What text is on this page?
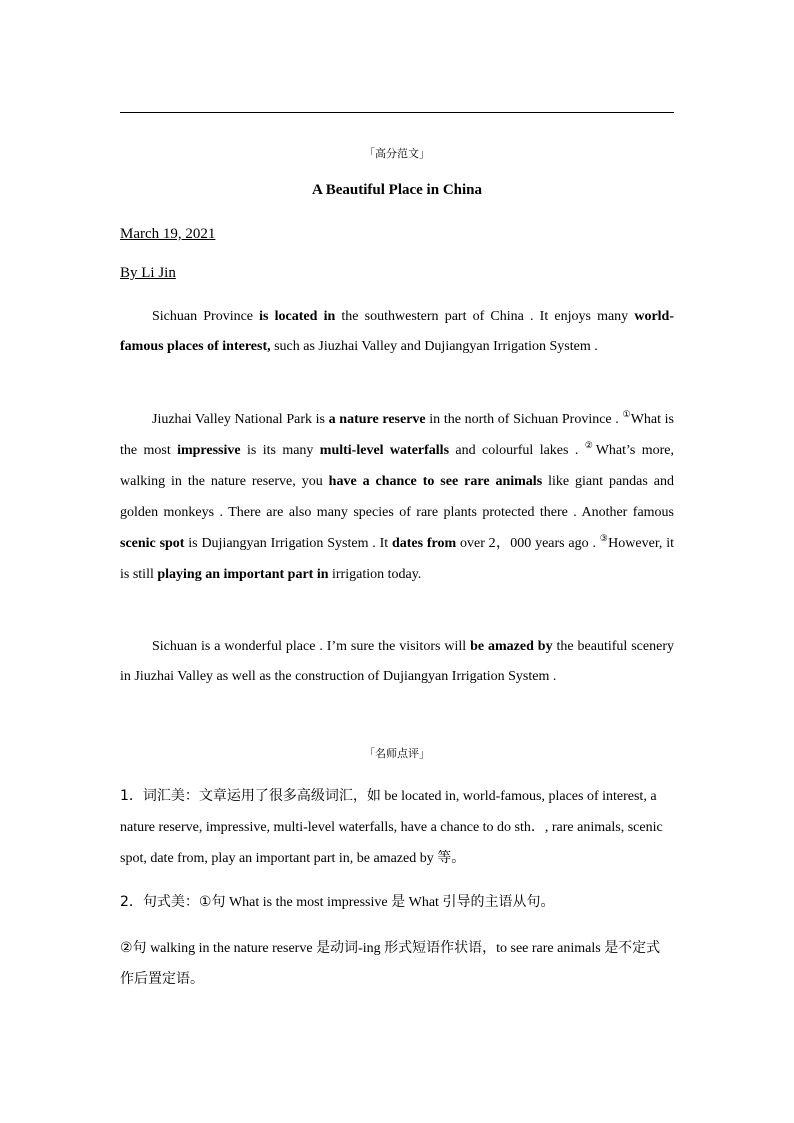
「高分范文」
A Beautiful Place in China
March 19, 2021
By Li Jin

Sichuan Province is located in the southwestern part of China . It enjoys many world-famous places of interest, such as Jiuzhai Valley and Dujiangyan Irrigation System .

Jiuzhai Valley National Park is a nature reserve in the north of Sichuan Province . ①What is the most impressive is its many multi-level waterfalls and colourful lakes . ②What’s more, walking in the nature reserve, you have a chance to see rare animals like giant pandas and golden monkeys . There are also many species of rare plants protected there . Another famous scenic spot is Dujiangyan Irrigation System . It dates from over 2，000 years ago . ③However, it is still playing an important part in irrigation today.

Sichuan is a wonderful place . I’m sure the visitors will be amazed by the beautiful scenery in Jiuzhai Valley as well as the construction of Dujiangyan Irrigation System .

「名师点评」

1．词汇美：文章运用了很多高级词汇，如 be located in, world-famous, places of interest, a nature reserve, impressive, multi-level waterfalls, have a chance to do sth．, rare animals, scenic spot, date from, play an important part in, be amazed by 等。

2．句式美：①句 What is the most impressive 是 What 引导的主语从句。

②句 walking in the nature reserve 是动词-ing 形式短语作状语，to see rare animals 是不定式作后置定语。
